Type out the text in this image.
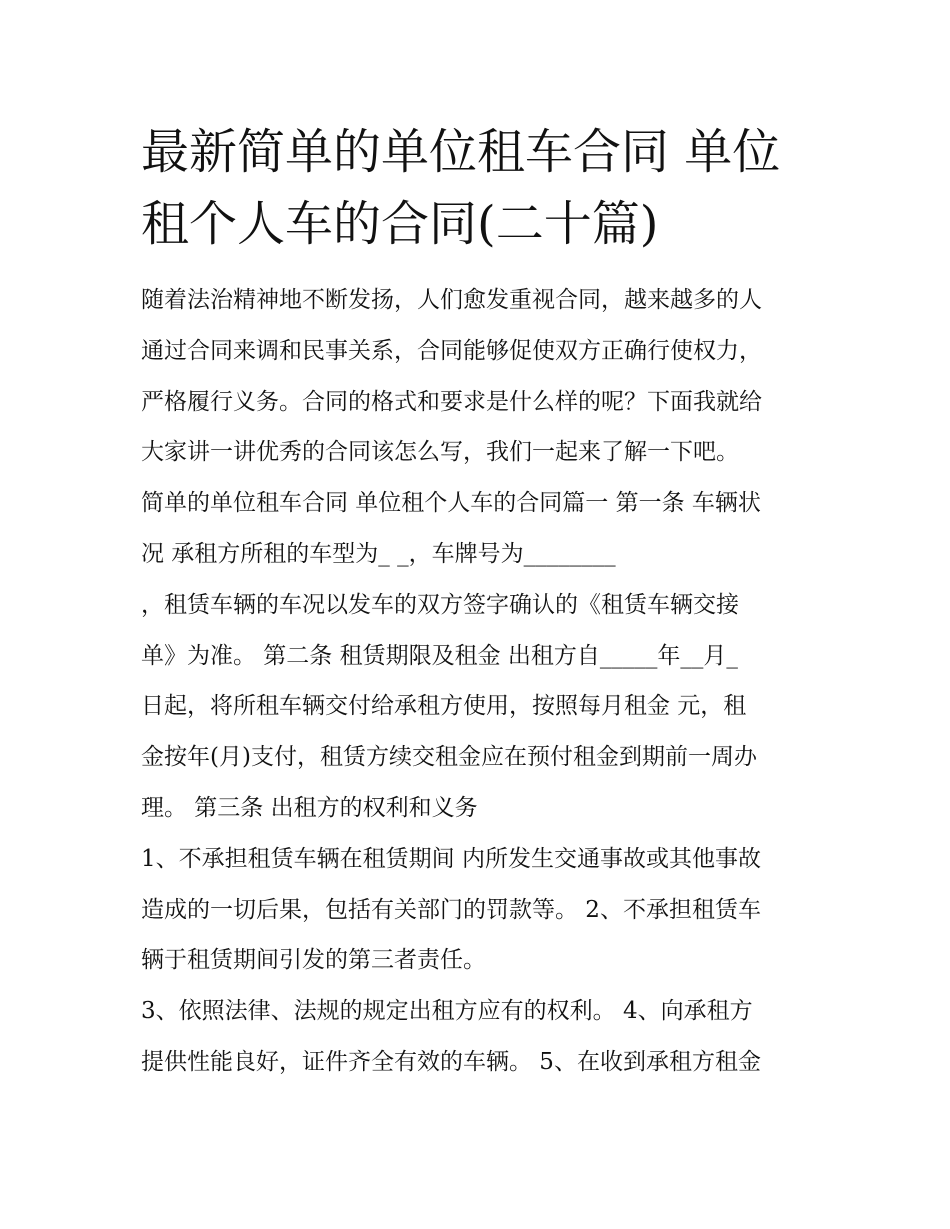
最新简单的单位租车合同 单位
租个人车的合同(二十篇)
随着法治精神地不断发扬，人们愈发重视合同，越来越多的人
通过合同来调和民事关系，合同能够促使双方正确行使权力，
严格履行义务。合同的格式和要求是什么样的呢？下面我就给
大家讲一讲优秀的合同该怎么写，我们一起来了解一下吧。
简单的单位租车合同 单位租个人车的合同篇一 第一条 车辆状
况 承租方所租的车型为_ _，车牌号为________
，租赁车辆的车况以发车的双方签字确认的《租赁车辆交接
单》为准。 第二条 租赁期限及租金 出租方自_____年__月_
日起，将所租车辆交付给承租方使用，按照每月租金 元，租
金按年(月)支付，租赁方续交租金应在预付租金到期前一周办
理。 第三条 出租方的权利和义务
1、不承担租赁车辆在租赁期间 内所发生交通事故或其他事故
造成的一切后果，包括有关部门的罚款等。 2、不承担租赁车
辆于租赁期间引发的第三者责任。
3、依照法律、法规的规定出租方应有的权利。 4、向承租方
提供性能良好，证件齐全有效的车辆。 5、在收到承租方租金
